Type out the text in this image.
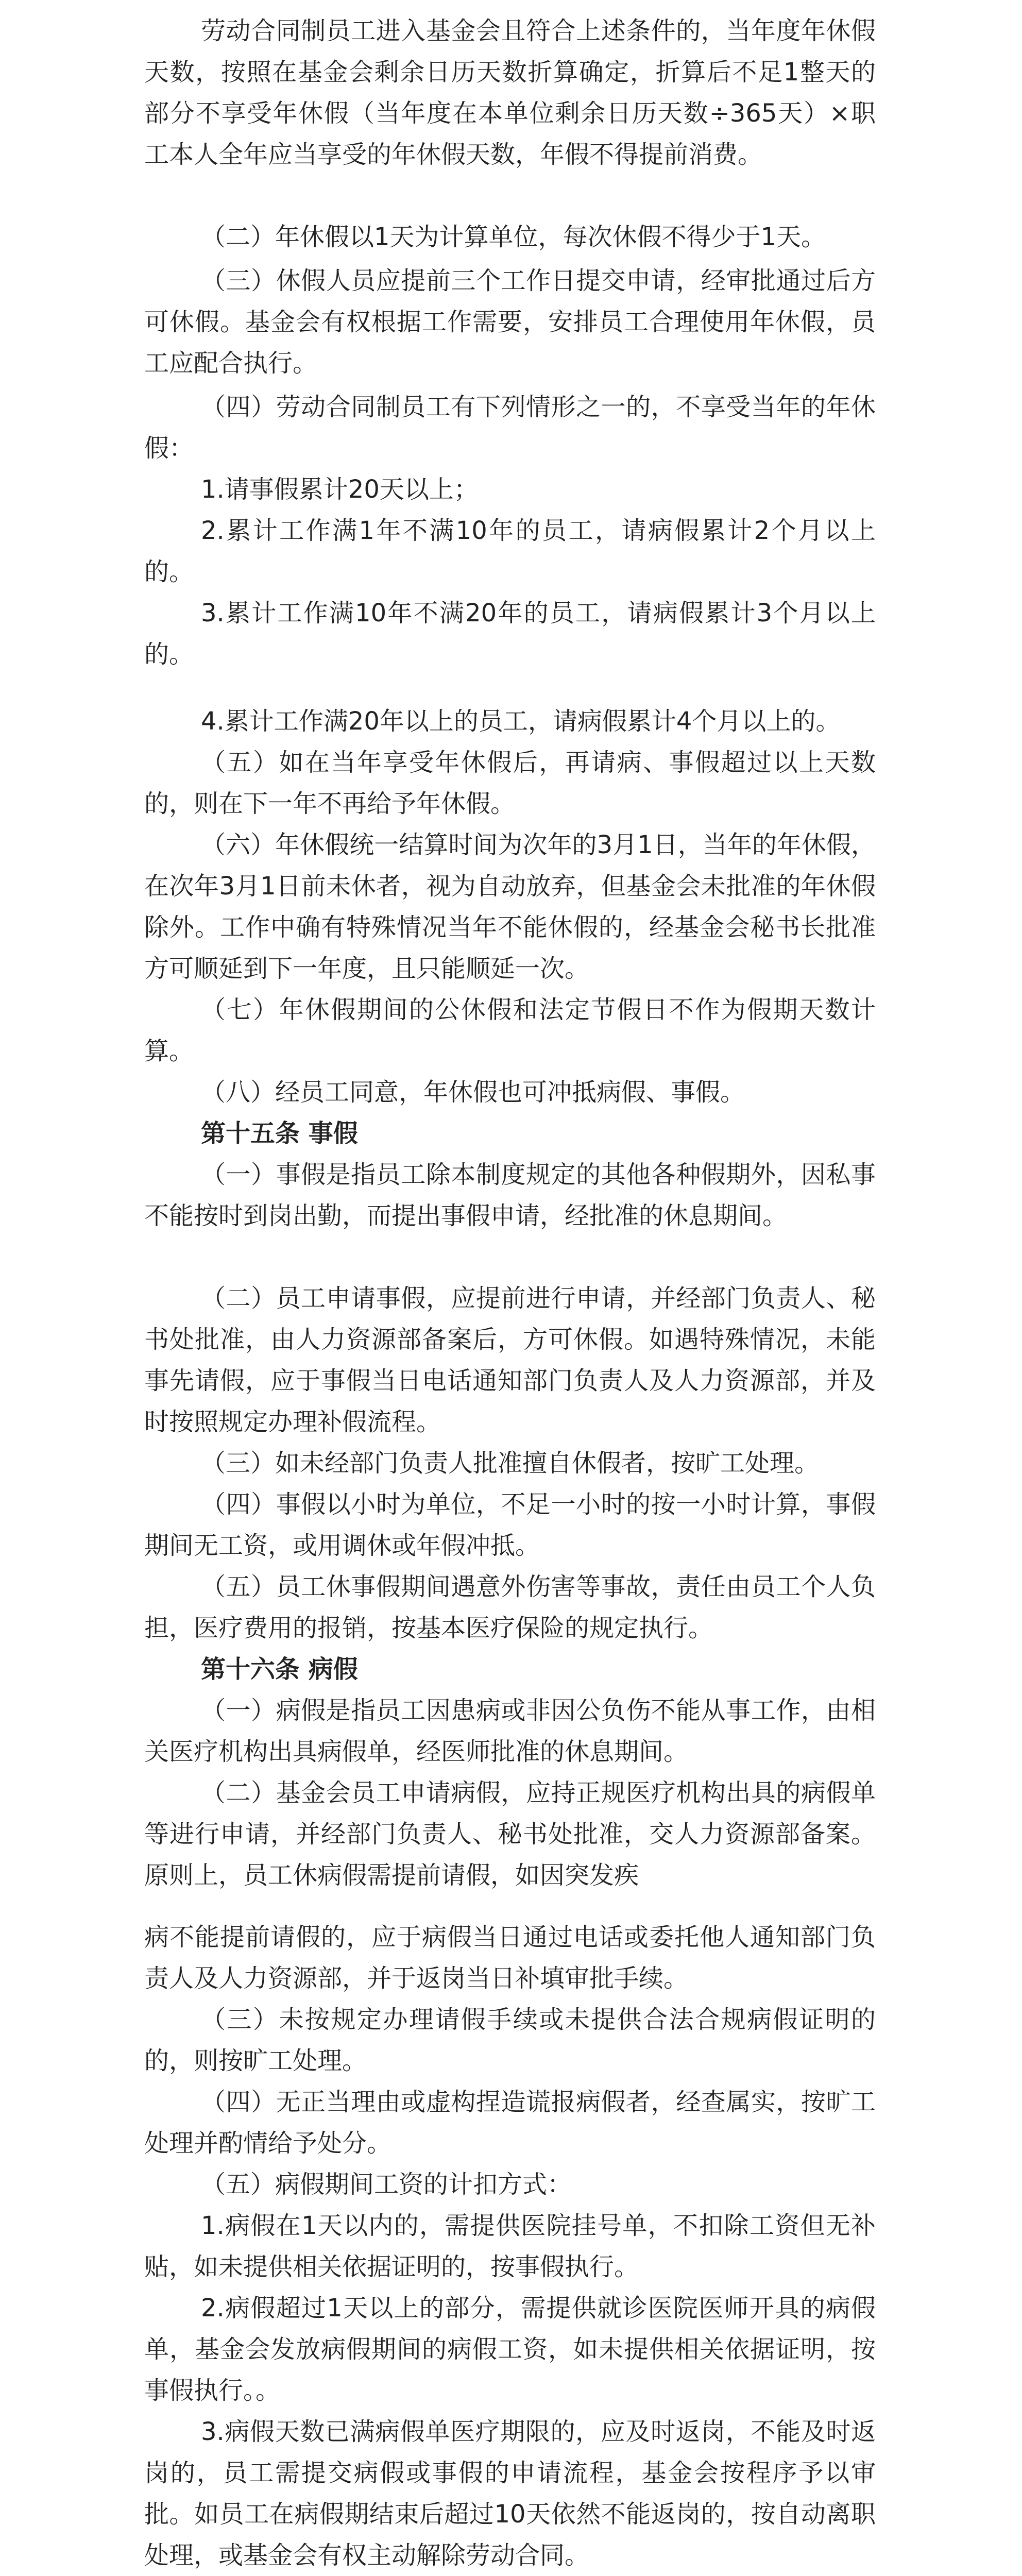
劳动合同制员工进入基金会且符合上述条件的，当年度年休假天数，按照在基金会剩余日历天数折算确定，折算后不足1整天的部分不享受年休假（当年度在本单位剩余日历天数÷365天）×职工本人全年应当享受的年休假天数，年假不得提前消费。

（二）年休假以1天为计算单位，每次休假不得少于1天。

（三）休假人员应提前三个工作日提交申请，经审批通过后方可休假。基金会有权根据工作需要，安排员工合理使用年休假，员工应配合执行。

（四）劳动合同制员工有下列情形之一的，不享受当年的年休假：

1.请事假累计20天以上；

2.累计工作满1年不满10年的员工，请病假累计2个月以上的。

3.累计工作满10年不满20年的员工，请病假累计3个月以上的。

4.累计工作满20年以上的员工，请病假累计4个月以上的。

（五）如在当年享受年休假后，再请病、事假超过以上天数的，则在下一年不再给予年休假。

（六）年休假统一结算时间为次年的3月1日，当年的年休假，在次年3月1日前未休者，视为自动放弃，但基金会未批准的年休假除外。工作中确有特殊情况当年不能休假的，经基金会秘书长批准方可顺延到下一年度，且只能顺延一次。

（七）年休假期间的公休假和法定节假日不作为假期天数计算。

（八）经员工同意，年休假也可冲抵病假、事假。

第十五条 事假

（一）事假是指员工除本制度规定的其他各种假期外，因私事不能按时到岗出勤，而提出事假申请，经批准的休息期间。

（二）员工申请事假，应提前进行申请，并经部门负责人、秘书处批准，由人力资源部备案后，方可休假。如遇特殊情况，未能事先请假，应于事假当日电话通知部门负责人及人力资源部，并及时按照规定办理补假流程。

（三）如未经部门负责人批准擅自休假者，按旷工处理。

（四）事假以小时为单位，不足一小时的按一小时计算，事假期间无工资，或用调休或年假冲抵。

（五）员工休事假期间遇意外伤害等事故，责任由员工个人负担，医疗费用的报销，按基本医疗保险的规定执行。

第十六条 病假

（一）病假是指员工因患病或非因公负伤不能从事工作，由相关医疗机构出具病假单，经医师批准的休息期间。

（二）基金会员工申请病假，应持正规医疗机构出具的病假单等进行申请，并经部门负责人、秘书处批准，交人力资源部备案。原则上，员工休病假需提前请假，如因突发疾

病不能提前请假的，应于病假当日通过电话或委托他人通知部门负责人及人力资源部，并于返岗当日补填审批手续。

（三）未按规定办理请假手续或未提供合法合规病假证明的的，则按旷工处理。

（四）无正当理由或虚构捏造谎报病假者，经查属实，按旷工处理并酌情给予处分。

（五）病假期间工资的计扣方式：

1.病假在1天以内的，需提供医院挂号单，不扣除工资但无补贴，如未提供相关依据证明的，按事假执行。

2.病假超过1天以上的部分，需提供就诊医院医师开具的病假单，基金会发放病假期间的病假工资，如未提供相关依据证明，按事假执行。。

3.病假天数已满病假单医疗期限的，应及时返岗，不能及时返岗的，员工需提交病假或事假的申请流程，基金会按程序予以审批。如员工在病假期结束后超过10天依然不能返岗的，按自动离职处理，或基金会有权主动解除劳动合同。
